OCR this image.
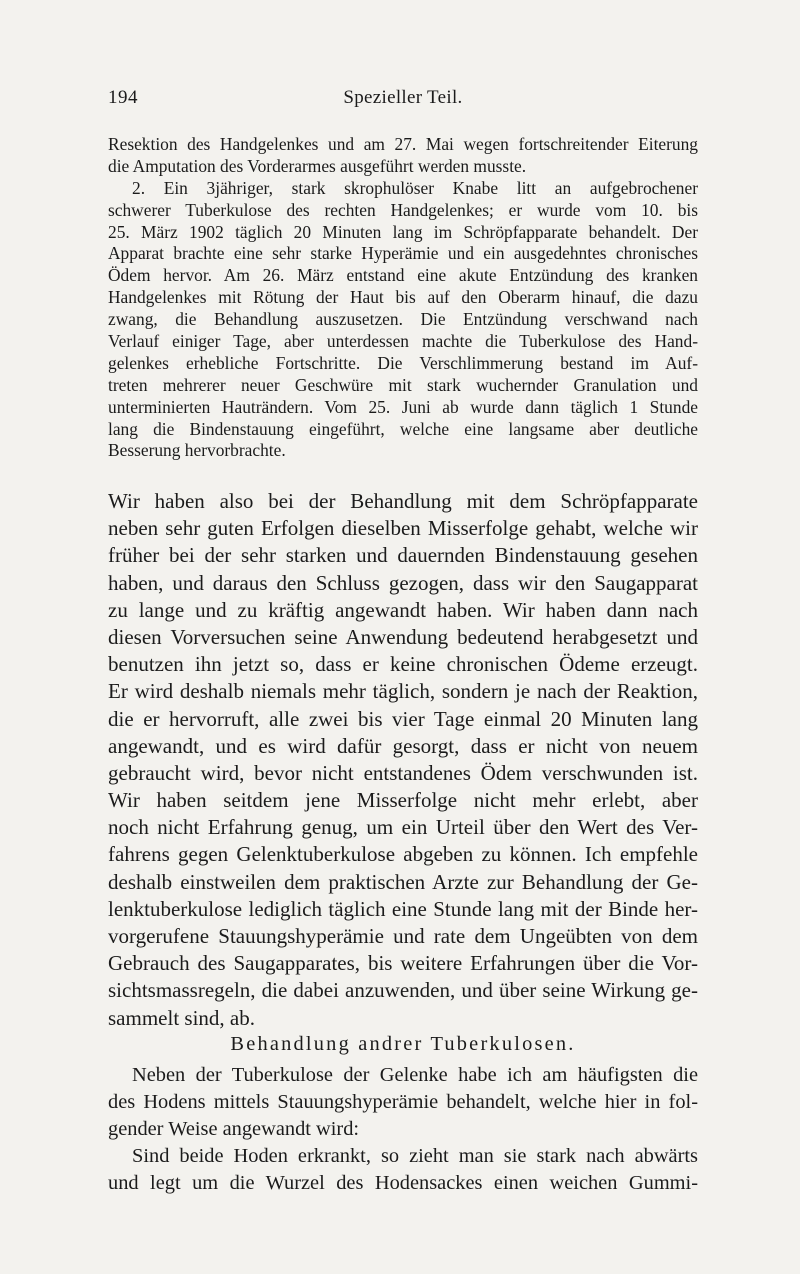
194	Spezieller Teil.
Resektion des Handgelenkes und am 27. Mai wegen fortschreitender Eiterung
die Amputation des Vorderarmes ausgeführt werden musste.
2. Ein 3jähriger, stark skrophulöser Knabe litt an aufgebrochener
schwerer Tuberkulose des rechten Handgelenkes; er wurde vom 10. bis
25. März 1902 täglich 20 Minuten lang im Schröpfapparate behandelt. Der
Apparat brachte eine sehr starke Hyperämie und ein ausgedehntes chronisches
Ödem hervor. Am 26. März entstand eine akute Entzündung des kranken
Handgelenkes mit Rötung der Haut bis auf den Oberarm hinauf, die dazu
zwang, die Behandlung auszusetzen. Die Entzündung verschwand nach
Verlauf einiger Tage, aber unterdessen machte die Tuberkulose des Hand-
gelenkes erhebliche Fortschritte. Die Verschlimmerung bestand im Auf-
treten mehrerer neuer Geschwüre mit stark wuchernder Granulation und
unterminierten Hauträndern. Vom 25. Juni ab wurde dann täglich 1 Stunde
lang die Bindenstauung eingeführt, welche eine langsame aber deutliche
Besserung hervorbrachte.
Wir haben also bei der Behandlung mit dem Schröpfapparate
neben sehr guten Erfolgen dieselben Misserfolge gehabt, welche wir
früher bei der sehr starken und dauernden Bindenstauung gesehen
haben, und daraus den Schluss gezogen, dass wir den Saugapparat
zu lange und zu kräftig angewandt haben. Wir haben dann nach
diesen Vorversuchen seine Anwendung bedeutend herabgesetzt und
benutzen ihn jetzt so, dass er keine chronischen Ödeme erzeugt.
Er wird deshalb niemals mehr täglich, sondern je nach der Reaktion,
die er hervorruft, alle zwei bis vier Tage einmal 20 Minuten lang
angewandt, und es wird dafür gesorgt, dass er nicht von neuem
gebraucht wird, bevor nicht entstandenes Ödem verschwunden ist.
Wir haben seitdem jene Misserfolge nicht mehr erlebt, aber
noch nicht Erfahrung genug, um ein Urteil über den Wert des Ver-
fahrens gegen Gelenktuberkulose abgeben zu können. Ich empfehle
deshalb einstweilen dem praktischen Arzte zur Behandlung der Ge-
lenktuberkulose lediglich täglich eine Stunde lang mit der Binde her-
vorgerufene Stauungshyperämie und rate dem Ungeübten von dem
Gebrauch des Saugapparates, bis weitere Erfahrungen über die Vor-
sichtsmassregeln, die dabei anzuwenden, und über seine Wirkung ge-
sammelt sind, ab.
Behandlung andrer Tuberkulosen.
Neben der Tuberkulose der Gelenke habe ich am häufigsten die
des Hodens mittels Stauungshyperämie behandelt, welche hier in fol-
gender Weise angewandt wird:
Sind beide Hoden erkrankt, so zieht man sie stark nach abwärts
und legt um die Wurzel des Hodensackes einen weichen Gummi-
